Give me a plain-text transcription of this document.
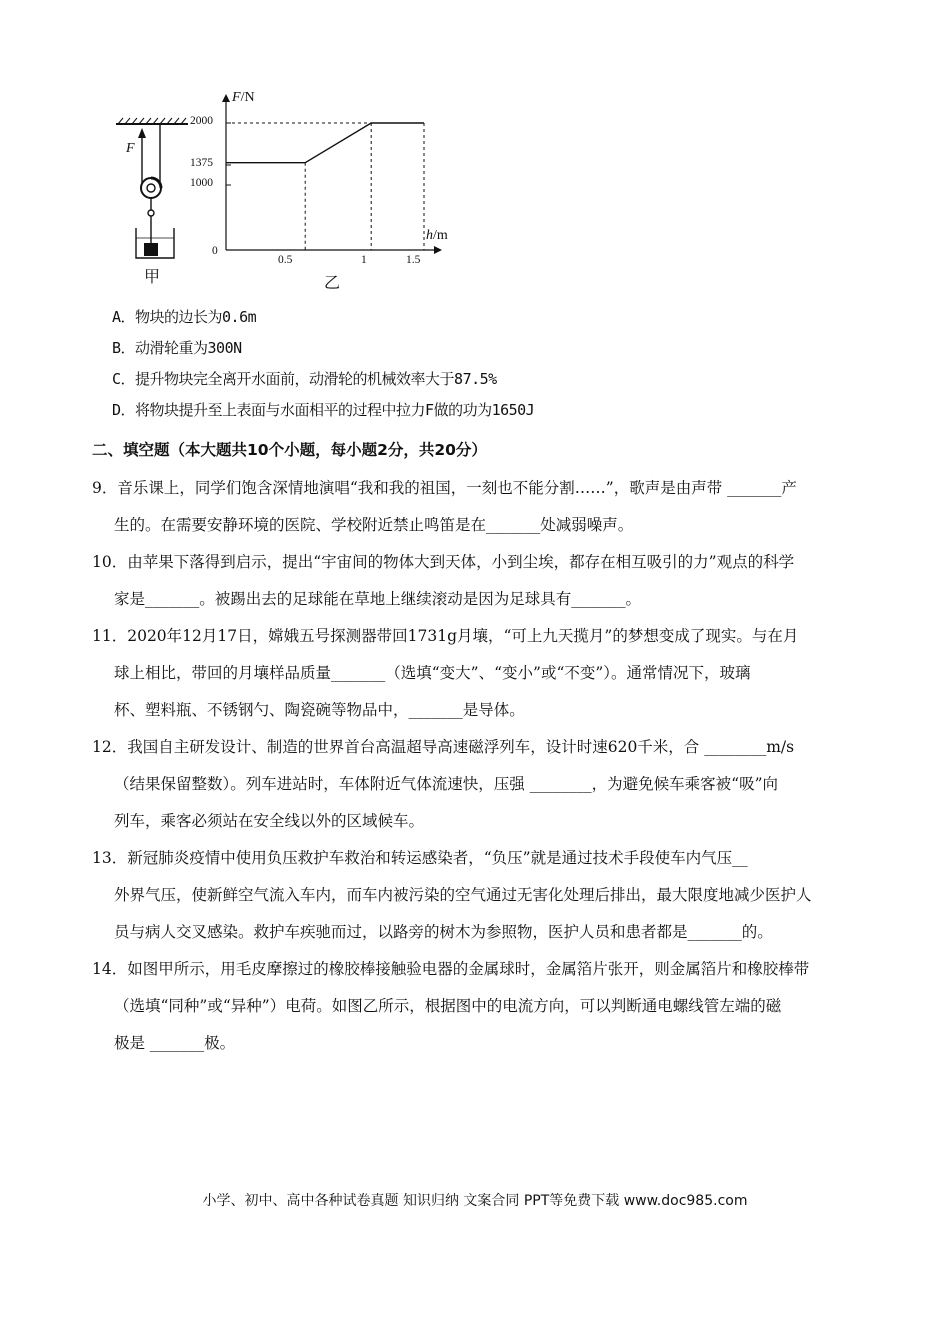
甲	乙
F
F/N
h/m
2000
1375
1000
0
0.5	1	1.5
A．物块的边长为0.6m
B．动滑轮重为300N
C．提升物块完全离开水面前，动滑轮的机械效率大于87.5%
D．将物块提升至上表面与水面相平的过程中拉力F做的功为1650J
二、填空题（本大题共10个小题，每小题2分，共20分）
9．音乐课上，同学们饱含深情地演唱“我和我的祖国，一刻也不能分割……”，歌声是由声带 _______产
生的。在需要安静环境的医院、学校附近禁止鸣笛是在_______处减弱噪声。
10．由苹果下落得到启示，提出“宇宙间的物体大到天体，小到尘埃，都存在相互吸引的力”观点的科学
家是_______。被踢出去的足球能在草地上继续滚动是因为足球具有_______。
11．2020年12月17日，嫦娥五号探测器带回1731g月壤，“可上九天揽月”的梦想变成了现实。与在月
球上相比，带回的月壤样品质量_______（选填“变大”、“变小”或“不变”）。通常情况下，玻璃
杯、塑料瓶、不锈钢勺、陶瓷碗等物品中，_______是导体。
12．我国自主研发设计、制造的世界首台高温超导高速磁浮列车，设计时速620千米，合 ________m/s
（结果保留整数）。列车进站时，车体附近气体流速快，压强 ________，为避免候车乘客被“吸”向
列车，乘客必须站在安全线以外的区域候车。
13．新冠肺炎疫情中使用负压救护车救治和转运感染者，“负压”就是通过技术手段使车内气压__
外界气压，使新鲜空气流入车内，而车内被污染的空气通过无害化处理后排出，最大限度地减少医护人
员与病人交叉感染。救护车疾驰而过，以路旁的树木为参照物，医护人员和患者都是_______的。
14．如图甲所示，用毛皮摩擦过的橡胶棒接触验电器的金属球时，金属箔片张开，则金属箔片和橡胶棒带
（选填“同种”或“异种”）电荷。如图乙所示，根据图中的电流方向，可以判断通电螺线管左端的磁
极是 _______极。
小学、初中、高中各种试卷真题 知识归纳 文案合同 PPT等免费下载 www.doc985.com
